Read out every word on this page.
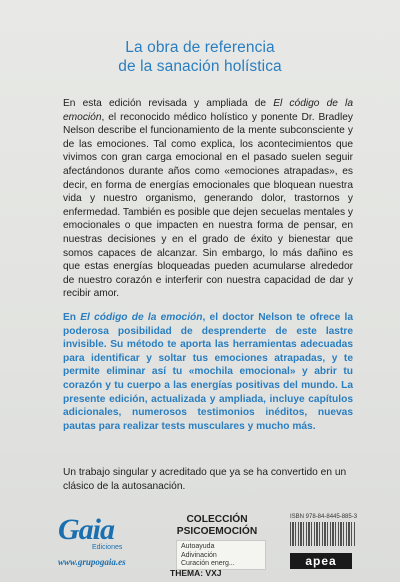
La obra de referencia
de la sanación holística

En esta edición revisada y ampliada de El código de la emoción, el reconocido médico holístico y ponente Dr. Bradley Nelson describe el funcionamiento de la mente subconsciente y de las emociones. Tal como explica, los acontecimientos que vivimos con gran carga emocional en el pasado suelen seguir afectándonos durante años como «emociones atrapadas», es decir, en forma de energías emocionales que bloquean nuestra vida y nuestro organismo, generando dolor, trastornos y enfermedad. También es posible que dejen secuelas mentales y emocionales o que impacten en nuestra forma de pensar, en nuestras decisiones y en el grado de éxito y bienestar que somos capaces de alcanzar. Sin embargo, lo más dañino es que estas energías bloqueadas pueden acumularse alrededor de nuestro corazón e interferir con nuestra capacidad de dar y recibir amor.

En El código de la emoción, el doctor Nelson te ofrece la poderosa posibilidad de desprenderte de este lastre invisible. Su método te aporta las herramientas adecuadas para identificar y soltar tus emociones atrapadas, y te permite eliminar así tu «mochila emocional» y abrir tu corazón y tu cuerpo a las energías positivas del mundo. La presente edición, actualizada y ampliada, incluye capítulos adicionales, numerosos testimonios inéditos, nuevas pautas para realizar tests musculares y mucho más.

Un trabajo singular y acreditado que ya se ha convertido en un clásico de la autosanación.

Gaia
Ediciones
www.grupogaia.es
COLECCIÓN
PSICOEMOCIÓN
Autoayuda
Adivinación
Curación energ...
THEMA: VXJ
ISBN 978-84-8445-885-3
apea
